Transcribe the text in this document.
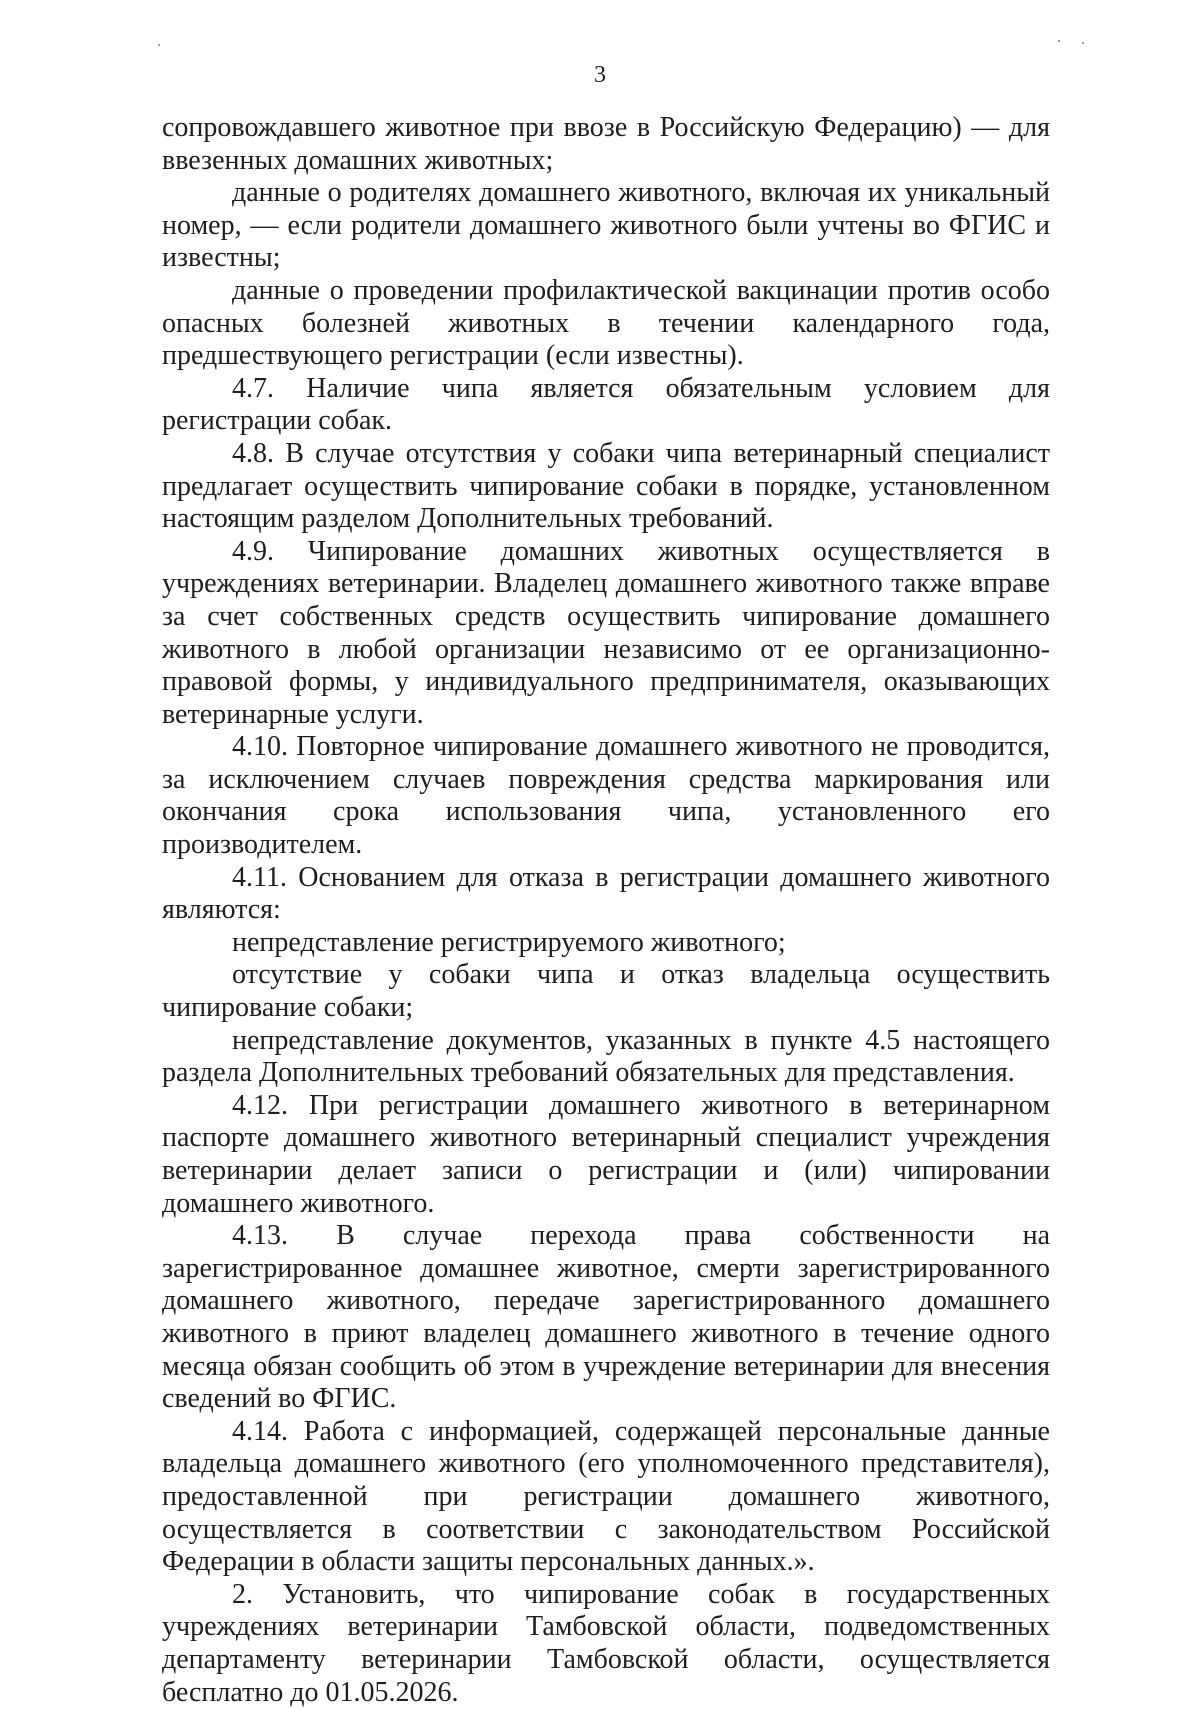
3

сопровождавшего животное при ввозе в Российскую Федерацию) — для ввезенных домашних животных;

данные о родителях домашнего животного, включая их уникальный номер, — если родители домашнего животного были учтены во ФГИС и известны;

данные о проведении профилактической вакцинации против особо опасных болезней животных в течении календарного года, предшествующего регистрации (если известны).

4.7. Наличие чипа является обязательным условием для регистрации собак.

4.8. В случае отсутствия у собаки чипа ветеринарный специалист предлагает осуществить чипирование собаки в порядке, установленном настоящим разделом Дополнительных требований.

4.9. Чипирование домашних животных осуществляется в учреждениях ветеринарии. Владелец домашнего животного также вправе за счет собственных средств осуществить чипирование домашнего животного в любой организации независимо от ее организационно-правовой формы, у индивидуального предпринимателя, оказывающих ветеринарные услуги.

4.10. Повторное чипирование домашнего животного не проводится, за исключением случаев повреждения средства маркирования или окончания срока использования чипа, установленного его производителем.

4.11. Основанием для отказа в регистрации домашнего животного являются:

непредставление регистрируемого животного;

отсутствие у собаки чипа и отказ владельца осуществить чипирование собаки;

непредставление документов, указанных в пункте 4.5 настоящего раздела Дополнительных требований обязательных для представления.

4.12. При регистрации домашнего животного в ветеринарном паспорте домашнего животного ветеринарный специалист учреждения ветеринарии делает записи о регистрации и (или) чипировании домашнего животного.

4.13. В случае перехода права собственности на зарегистрированное домашнее животное, смерти зарегистрированного домашнего животного, передаче зарегистрированного домашнего животного в приют владелец домашнего животного в течение одного месяца обязан сообщить об этом в учреждение ветеринарии для внесения сведений во ФГИС.

4.14. Работа с информацией, содержащей персональные данные владельца домашнего животного (его уполномоченного представителя), предоставленной при регистрации домашнего животного, осуществляется в соответствии с законодательством Российской Федерации в области защиты персональных данных.».

2. Установить, что чипирование собак в государственных учреждениях ветеринарии Тамбовской области, подведомственных департаменту ветеринарии Тамбовской области, осуществляется бесплатно до 01.05.2026.
